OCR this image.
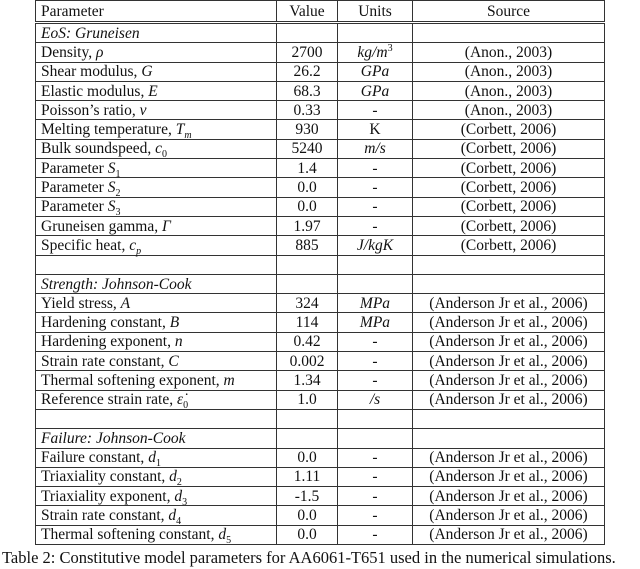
Parameter	Value	Units	Source
EoS: Gruneisen			
Density, ρ	2700	$kg/m^3$	(Anon., 2003)
Shear modulus, G	26.2	GPa	(Anon., 2003)
Elastic modulus, E	68.3	GPa	(Anon., 2003)
Poisson’s ratio, ν	0.33	-	(Anon., 2003)
Melting temperature, $T_m$	930	K	(Corbett, 2006)
Bulk soundspeed, $c_0$	5240	m/s	(Corbett, 2006)
Parameter $S_1$	1.4	-	(Corbett, 2006)
Parameter $S_2$	0.0	-	(Corbett, 2006)
Parameter $S_3$	0.0	-	(Corbett, 2006)
Gruneisen gamma, Γ	1.97	-	(Corbett, 2006)
Specific heat, $c_p$	885	J/kgK	(Corbett, 2006)

Strength: Johnson-Cook			
Yield stress, A	324	MPa	(Anderson Jr et al., 2006)
Hardening constant, B	114	MPa	(Anderson Jr et al., 2006)
Hardening exponent, n	0.42	-	(Anderson Jr et al., 2006)
Strain rate constant, C	0.002	-	(Anderson Jr et al., 2006)
Thermal softening exponent, m	1.34	-	(Anderson Jr et al., 2006)
Reference strain rate, $\varepsiloṅ_0$	1.0	/s	(Anderson Jr et al., 2006)

Failure: Johnson-Cook			
Failure constant, $d_1$	0.0	-	(Anderson Jr et al., 2006)
Triaxiality constant, $d_2$	1.11	-	(Anderson Jr et al., 2006)
Triaxiality exponent, $d_3$	-1.5	-	(Anderson Jr et al., 2006)
Strain rate constant, $d_4$	0.0	-	(Anderson Jr et al., 2006)
Thermal softening constant, $d_5$	0.0	-	(Anderson Jr et al., 2006)
Table 2: Constitutive model parameters for AA6061-T651 used in the numerical simulations.
